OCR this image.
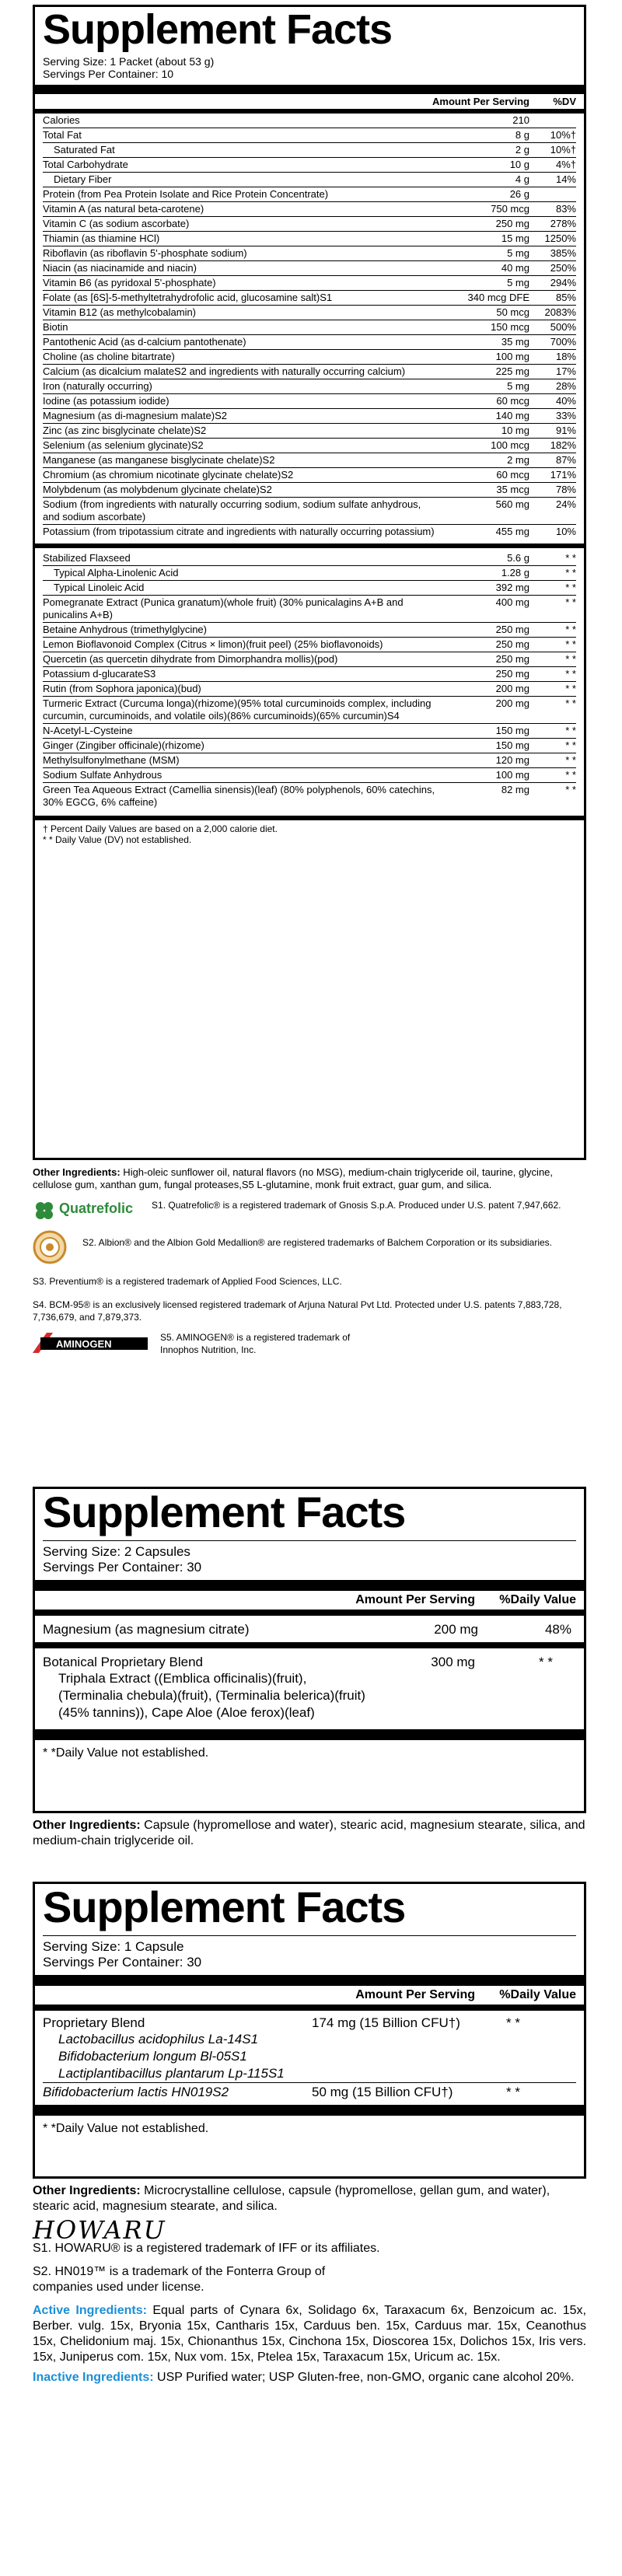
Supplement Facts
Serving Size: 1 Packet (about 53 g)
Servings Per Container: 10
Amount Per Serving	%DV
Calories	210
Total Fat	8 g	10%†
Saturated Fat	2 g	10%†
Total Carbohydrate	10 g	4%†
Dietary Fiber	4 g	14%
Protein (from Pea Protein Isolate and Rice Protein Concentrate)	26 g
Vitamin A (as natural beta-carotene)	750 mcg	83%
Vitamin C (as sodium ascorbate)	250 mg	278%
Thiamin (as thiamine HCl)	15 mg	1250%
Riboflavin (as riboflavin 5'-phosphate sodium)	5 mg	385%
Niacin (as niacinamide and niacin)	40 mg	250%
Vitamin B6 (as pyridoxal 5'-phosphate)	5 mg	294%
Folate (as [6S]-5-methyltetrahydrofolic acid, glucosamine salt)S1	340 mcg DFE	85%
Vitamin B12 (as methylcobalamin)	50 mcg	2083%
Biotin	150 mcg	500%
Pantothenic Acid (as d-calcium pantothenate)	35 mg	700%
Choline (as choline bitartrate)	100 mg	18%
Calcium (as dicalcium malateS2 and ingredients with naturally occurring calcium)	225 mg	17%
Iron (naturally occurring)	5 mg	28%
Iodine (as potassium iodide)	60 mcg	40%
Magnesium (as di-magnesium malate)S2	140 mg	33%
Zinc (as zinc bisglycinate chelate)S2	10 mg	91%
Selenium (as selenium glycinate)S2	100 mcg	182%
Manganese (as manganese bisglycinate chelate)S2	2 mg	87%
Chromium (as chromium nicotinate glycinate chelate)S2	60 mcg	171%
Molybdenum (as molybdenum glycinate chelate)S2	35 mcg	78%
Sodium (from ingredients with naturally occurring sodium, sodium sulfate anhydrous, and sodium ascorbate)
560 mg	24%
Potassium (from tripotassium citrate and ingredients with naturally occurring potassium)	455 mg	10%
Stabilized Flaxseed	5.6 g	* *
Typical Alpha-Linolenic Acid	1.28 g	* *
Typical Linoleic Acid	392 mg	* *
Pomegranate Extract (Punica granatum)(whole fruit) (30% punicalagins A+B and punicalins A+B)
400 mg	* *
Betaine Anhydrous (trimethylglycine)	250 mg	* *
Lemon Bioflavonoid Complex (Citrus × limon)(fruit peel) (25% bioflavonoids)	250 mg	* *
Quercetin (as quercetin dihydrate from Dimorphandra mollis)(pod)	250 mg	* *
Potassium d-glucarateS3	250 mg	* *
Rutin (from Sophora japonica)(bud)	200 mg	* *
Turmeric Extract (Curcuma longa)(rhizome)(95% total curcuminoids complex, including curcumin, curcuminoids, and volatile oils)(86% curcuminoids)(65% curcumin)S4
200 mg	* *
N-Acetyl-L-Cysteine	150 mg	* *
Ginger (Zingiber officinale)(rhizome)	150 mg	* *
Methylsulfonylmethane (MSM)	120 mg	* *
Sodium Sulfate Anhydrous	100 mg	* *
Green Tea Aqueous Extract (Camellia sinensis)(leaf) (80% polyphenols, 60% catechins, 30% EGCG, 6% caffeine)
82 mg	* *
† Percent Daily Values are based on a 2,000 calorie diet.
* * Daily Value (DV) not established.
Other Ingredients: High-oleic sunflower oil, natural flavors (no MSG), medium-chain triglyceride oil, taurine, glycine, cellulose gum, xanthan gum, fungal proteases,S5 L-glutamine, monk fruit extract, guar gum, and silica.
Quatrefolic S1. Quatrefolic® is a registered trademark of Gnosis S.p.A. Produced under U.S. patent 7,947,662.
S2. Albion® and the Albion Gold Medallion® are registered trademarks of Balchem Corporation or its subsidiaries.
S3. Preventium® is a registered trademark of Applied Food Sciences, LLC.
S4. BCM-95® is an exclusively licensed registered trademark of Arjuna Natural Pvt Ltd. Protected under U.S. patents 7,883,728, 7,736,679, and 7,879,373.
AMINOGEN
S5. AMINOGEN® is a registered trademark of Innophos Nutrition, Inc.
Supplement Facts
Serving Size: 2 Capsules
Servings Per Container: 30
Amount Per Serving	%Daily Value
Magnesium (as magnesium citrate)	200 mg	48%
Botanical Proprietary Blend	300 mg	* *
Triphala Extract ((Emblica officinalis)(fruit), (Terminalia chebula)(fruit), (Terminalia belerica)(fruit)(45% tannins)), Cape Aloe (Aloe ferox)(leaf)
* *Daily Value not established.
Other Ingredients: Capsule (hypromellose and water), stearic acid, magnesium stearate, silica, and medium-chain triglyceride oil.
Supplement Facts
Serving Size: 1 Capsule
Servings Per Container: 30
Amount Per Serving	%Daily Value
Proprietary Blend	174 mg (15 Billion CFU†)	* *
Lactobacillus acidophilus La-14S1
Bifidobacterium longum Bl-05S1
Lactiplantibacillus plantarum Lp-115S1
Bifidobacterium lactis HN019S2	50 mg (15 Billion CFU†)	* *
* *Daily Value not established.
Other Ingredients: Microcrystalline cellulose, capsule (hypromellose, gellan gum, and water), stearic acid, magnesium stearate, and silica.
HOWARU
S1. HOWARU® is a registered trademark of IFF or its affiliates.
S2. HN019™ is a trademark of the Fonterra Group of companies used under license.
Active Ingredients: Equal parts of Cynara 6x, Solidago 6x, Taraxacum 6x, Benzoicum ac. 15x, Berber. vulg. 15x, Bryonia 15x, Cantharis 15x, Carduus ben. 15x, Carduus mar. 15x, Ceanothus 15x, Chelidonium maj. 15x, Chionanthus 15x, Cinchona 15x, Dioscorea 15x, Dolichos 15x, Iris vers. 15x, Juniperus com. 15x, Nux vom. 15x, Ptelea 15x, Taraxacum 15x, Uricum ac. 15x.
Inactive Ingredients: USP Purified water; USP Gluten-free, non-GMO, organic cane alcohol 20%.
